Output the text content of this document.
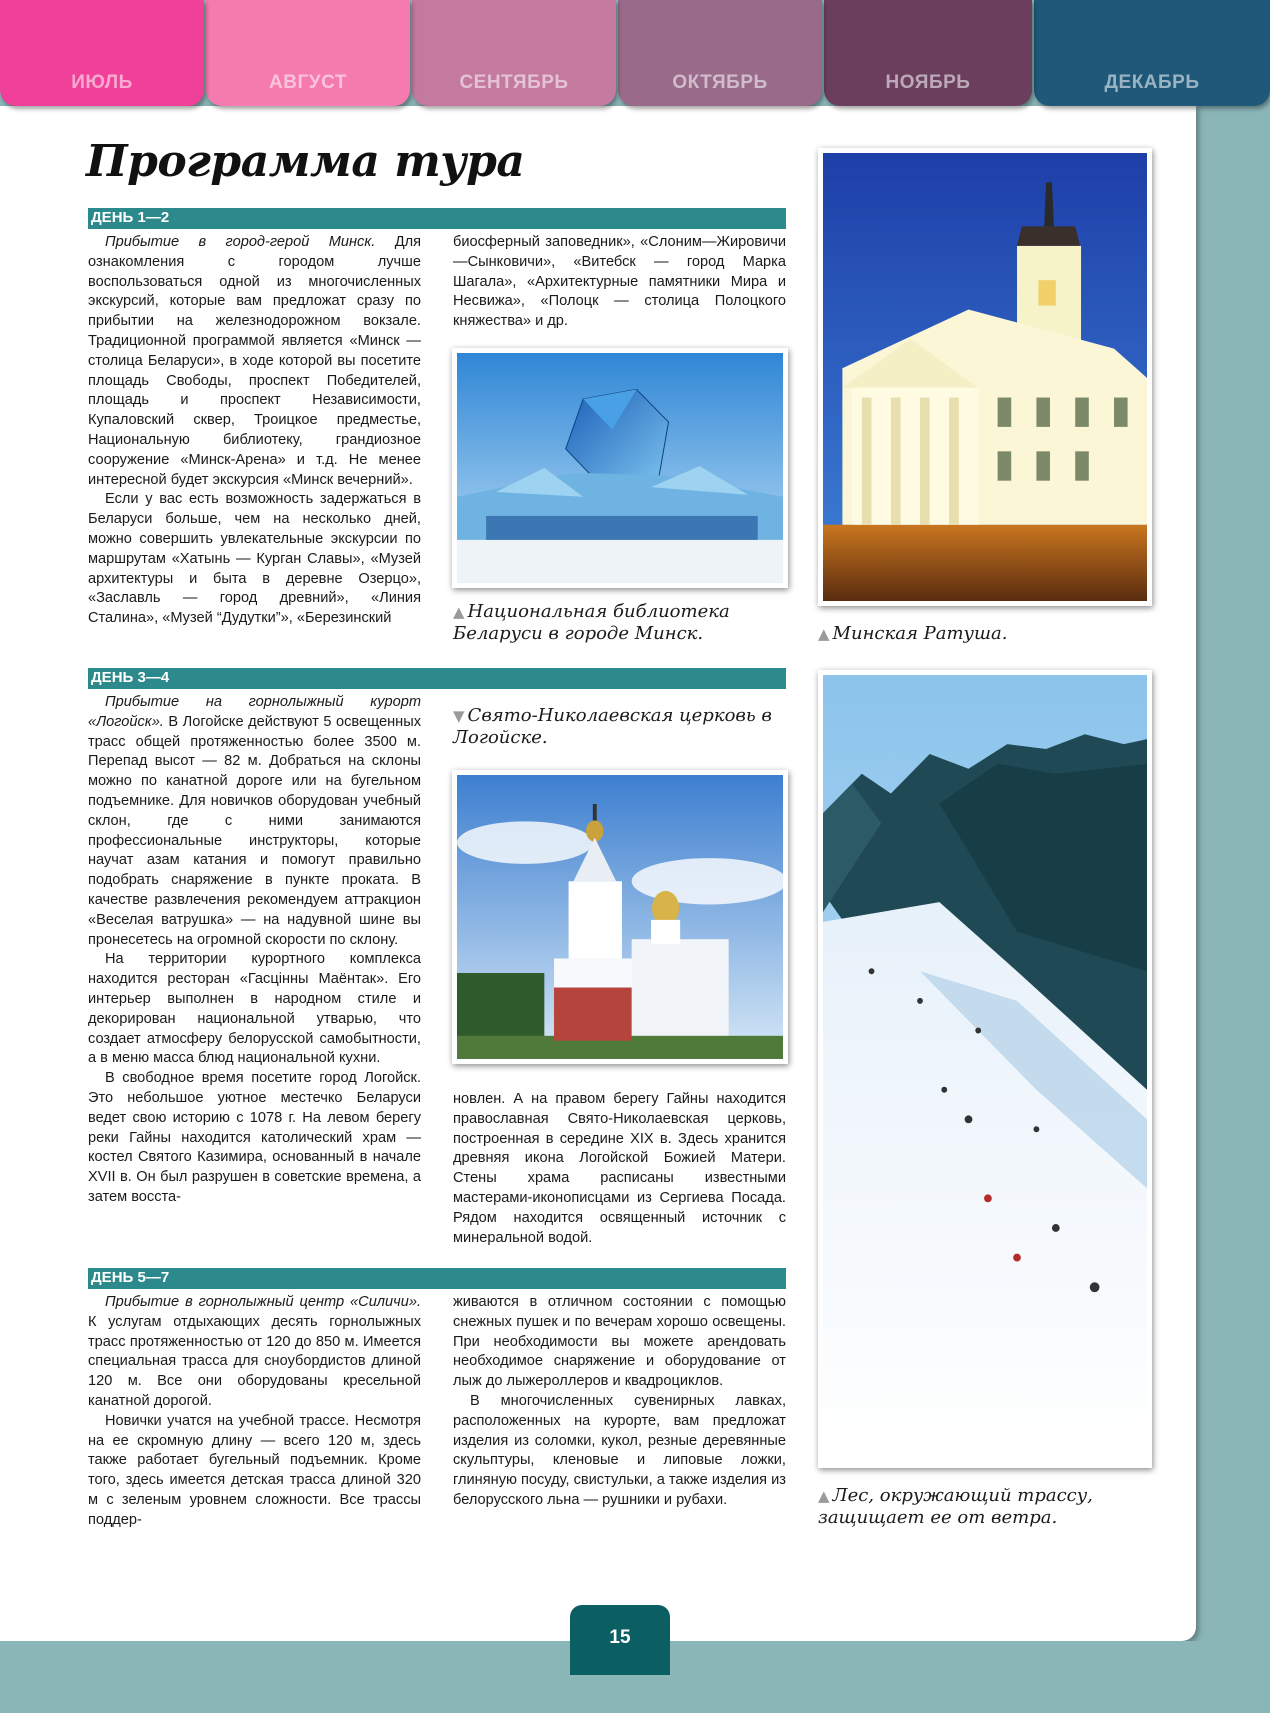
ИЮЛЬ	АВГУСТ	СЕНТЯБРЬ	ОКТЯБРЬ	НОЯБРЬ	ДЕКАБРЬ
Программа тура
ДЕНЬ 1—2

Прибытие в город-герой Минск. Для ознакомления с городом лучше воспользоваться одной из многочисленных экскурсий, которые вам предложат сразу по прибытии на железнодорожном вокзале. Традиционной программой является «Минск — столица Беларуси», в ходе которой вы посетите площадь Свободы, проспект Победителей, площадь и проспект Независимости, Купаловский сквер, Троицкое предместье, Национальную библиотеку, грандиозное сооружение «Минск-Арена» и т.д. Не менее интересной будет экскурсия «Минск вечерний».

Если у вас есть возможность задержаться в Беларуси больше, чем на несколько дней, можно совершить увлекательные экскурсии по маршрутам «Хатынь — Курган Славы», «Музей архитектуры и быта в деревне Озерцо», «Заславль — город древний», «Линия Сталина», «Музей “Дудутки”», «Березинский

биосферный заповедник», «Слоним—Жировичи—Сынковичи», «Витебск — город Марка Шагала», «Архитектурные памятники Мира и Несвижа», «Полоцк — столица Полоцкого княжества» и др.

▲ Национальная библиотека Беларуси в городе Минск.	▲ Минская Ратуша.
ДЕНЬ 3—4

Прибытие на горнолыжный курорт «Логойск». В Логойске действуют 5 освещенных трасс общей протяженностью более 3500 м. Перепад высот — 82 м. Добраться на склоны можно по канатной дороге или на бугельном подъемнике. Для новичков оборудован учебный склон, где с ними занимаются профессиональные инструкторы, которые научат азам катания и помогут правильно подобрать снаряжение в пункте проката. В качестве развлечения рекомендуем аттракцион «Веселая ватрушка» — на надувной шине вы пронесетесь на огромной скорости по склону.

На территории курортного комплекса находится ресторан «Гасцінны Маёнтак». Его интерьер выполнен в народном стиле и декорирован национальной утварью, что создает атмосферу белорусской самобытности, а в меню масса блюд национальной кухни.

В свободное время посетите город Логойск. Это небольшое уютное местечко Беларуси ведет свою историю с 1078 г. На левом берегу реки Гайны находится католический храм — костел Святого Казимира, основанный в начале XVII в. Он был разрушен в советские времена, а затем восста-

▼ Свято-Николаевская церковь в Логойске.

новлен. А на правом берегу Гайны находится православная Свято-Николаевская церковь, построенная в середине XIX в. Здесь хранится древняя икона Логойской Божией Матери. Стены храма расписаны известными мастерами-иконописцами из Сергиева Посада. Рядом находится освященный источник с минеральной водой.

▲ Лес, окружающий трассу, защищает ее от ветра.
ДЕНЬ 5—7

Прибытие в горнолыжный центр «Силичи». К услугам отдыхающих десять горнолыжных трасс протяженностью от 120 до 850 м. Имеется специальная трасса для сноубордистов длиной 120 м. Все они оборудованы кресельной канатной дорогой.

Новички учатся на учебной трассе. Несмотря на ее скромную длину — всего 120 м, здесь также работает бугельный подъемник. Кроме того, здесь имеется детская трасса длиной 320 м с зеленым уровнем сложности. Все трассы поддер-

живаются в отличном состоянии с помощью снежных пушек и по вечерам хорошо освещены. При необходимости вы можете арендовать необходимое снаряжение и оборудование от лыж до лыжероллеров и квадроциклов.

В многочисленных сувенирных лавках, расположенных на курорте, вам предложат изделия из соломки, кукол, резные деревянные скульптуры, кленовые и липовые ложки, глиняную посуду, свистульки, а также изделия из белорусского льна — рушники и рубахи.

15
